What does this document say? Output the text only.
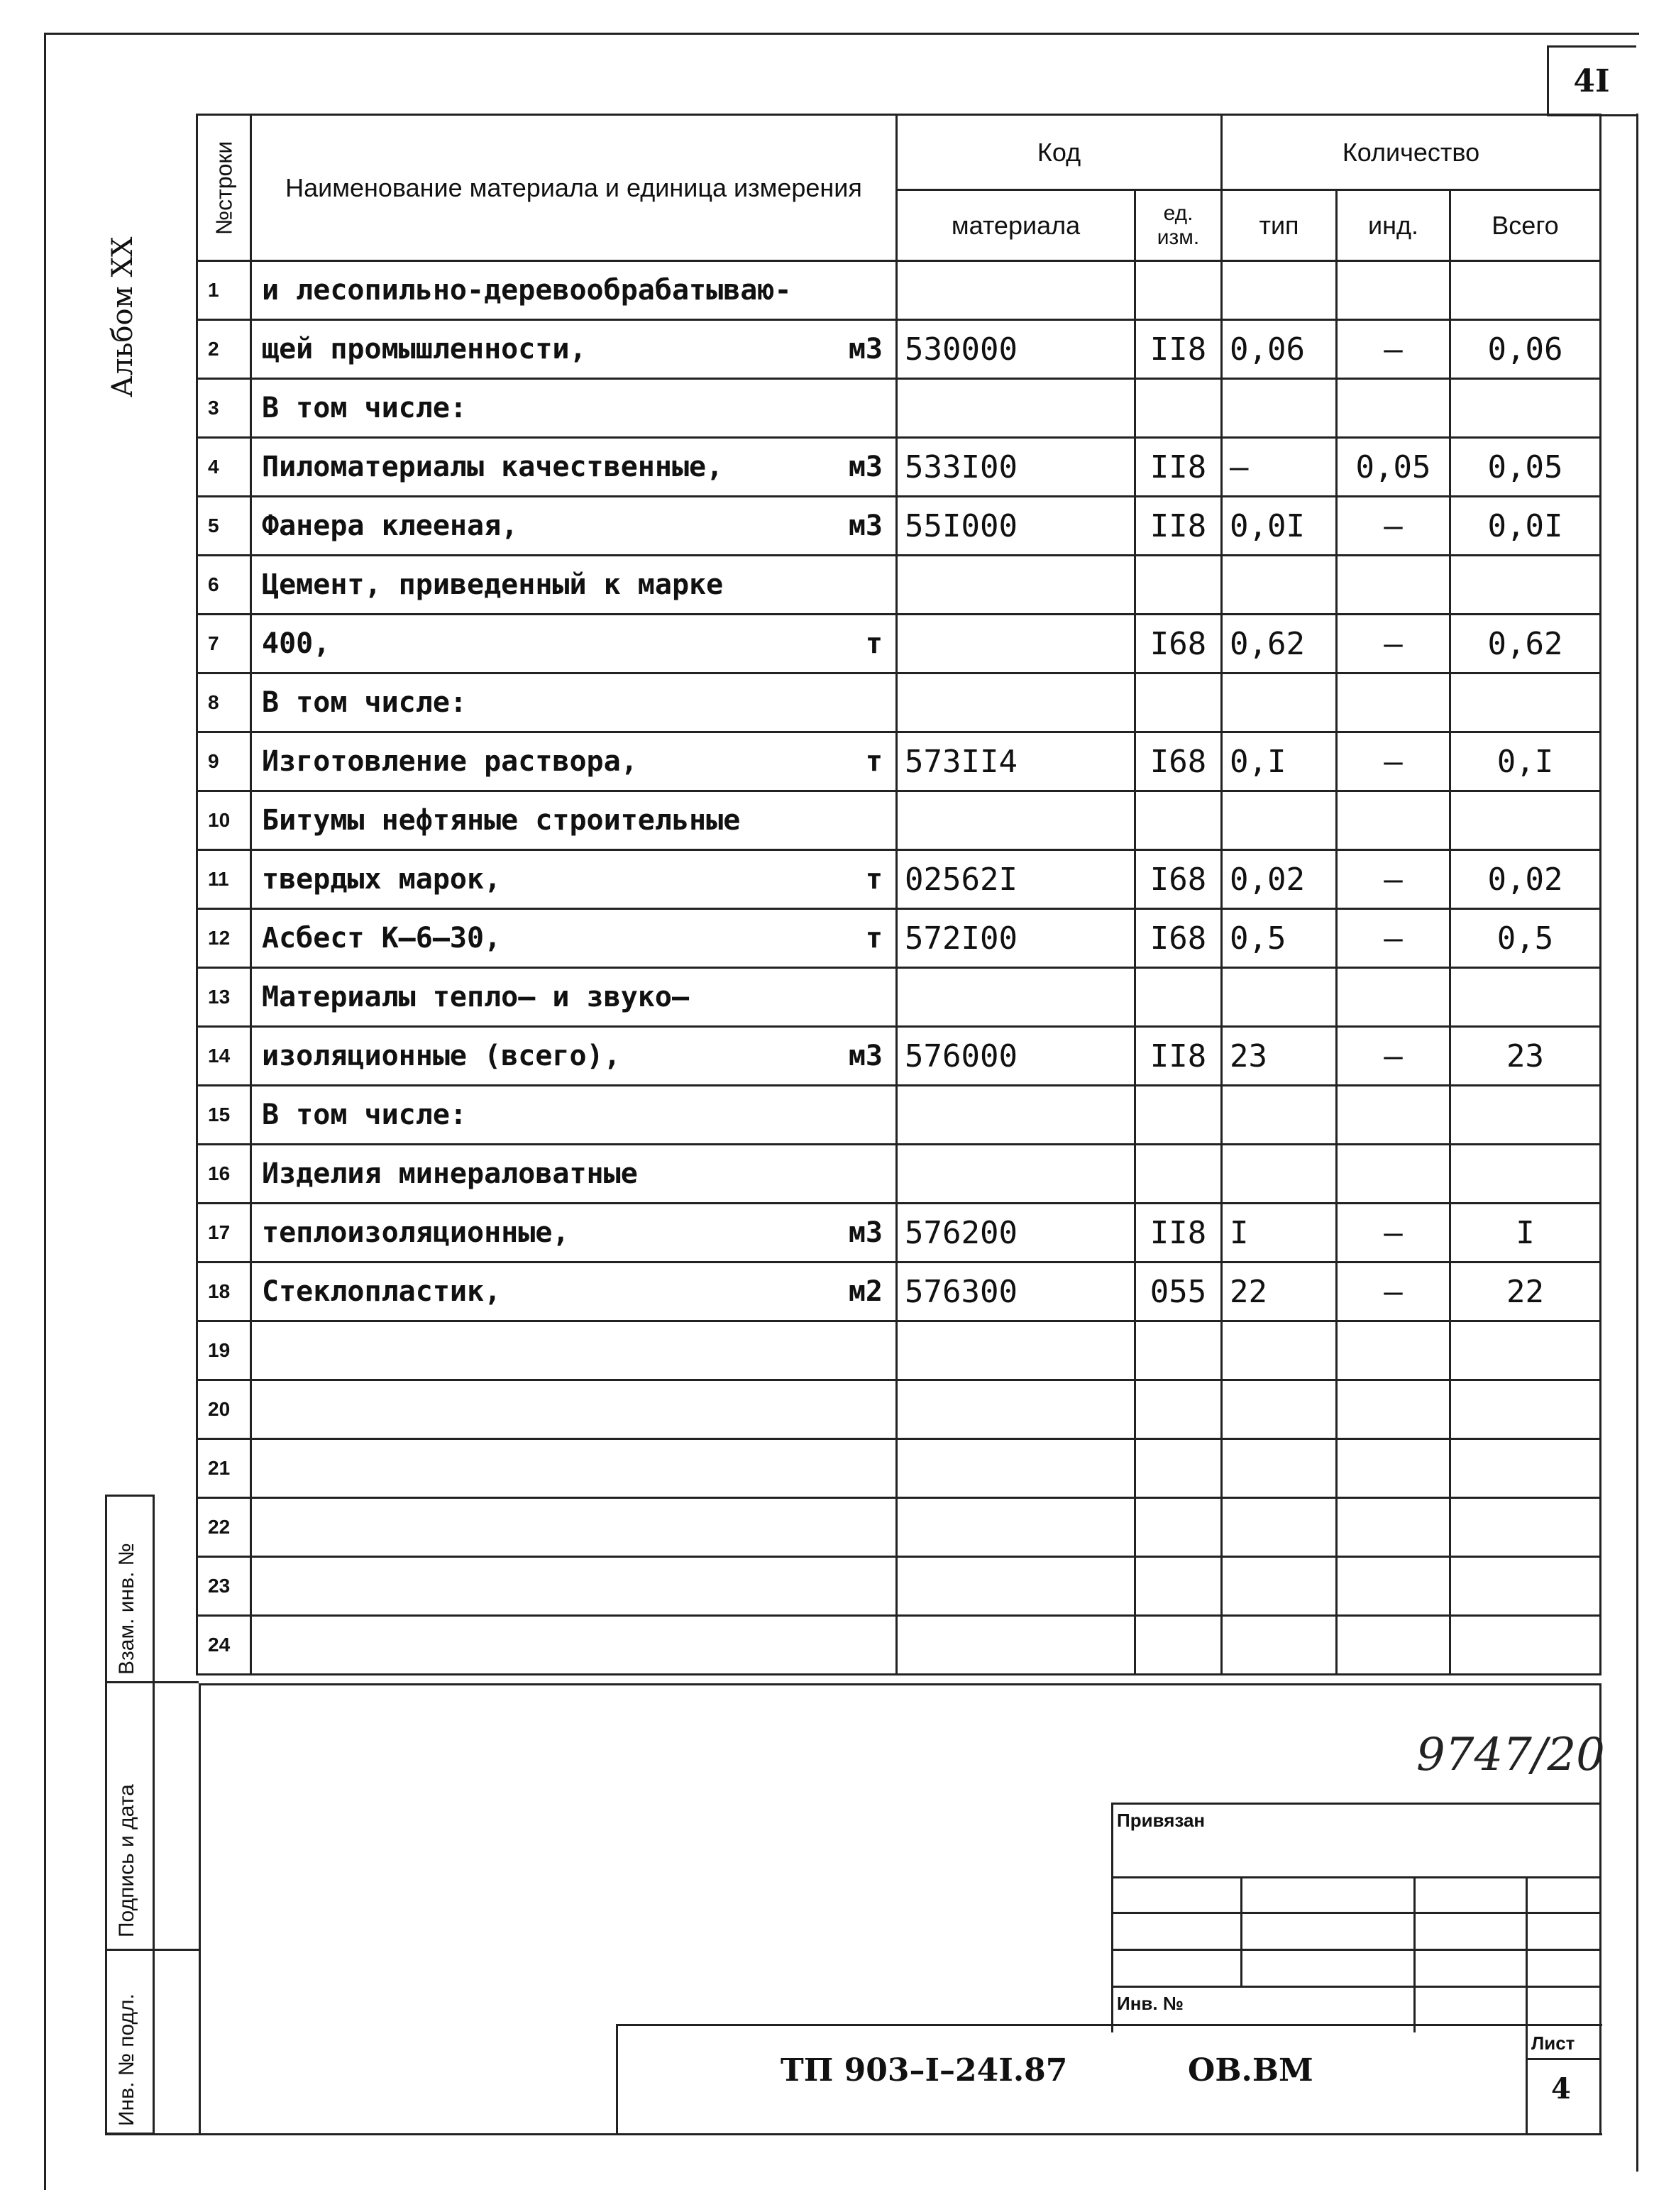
4I
Альбом XX
№строки	Наименование материала и единица измерения	Код		Количество		
		материала	ед. изм.	тип	инд.	Всего
1	и лесопильно-деревообрабатываю-					

2	щей промышленности, м3	530000	II8	0,06	–	0,06
3	В том числе:					

4	Пиломатериалы качественные, м3	533I00	II8	–	0,05	0,05
5	Фанера клееная, м3	55I000	II8	0,0I	–	0,0I
6	Цемент, приведенный к марке					

7	400, т		I68	0,62	–	0,62
8	В том числе:					

9	Изготовление раствора, т	573II4	I68	0,I	–	0,I
10	Битумы нефтяные строительные					

11	твердых марок, т	02562I	I68	0,02	–	0,02
12	Асбест К–6–30, т	572I00	I68	0,5	–	0,5
13	Материалы тепло– и звуко–					

14	изоляционные (всего), м3	576000	II8	23	–	23
15	В том числе:					

16	Изделия минераловатные					

17	теплоизоляционные, м3	576200	II8	I	–	I
18	Стеклопластик, м2	576300	055	22	–	22
19	

20	

21	

22	

23	

24	

Взам. инв. №
Подпись и дата
Инв. № подл.
9747/20
Привязан
Инв. №
Лист
4
ТП 903–I–24I.87	ОВ.ВМ
